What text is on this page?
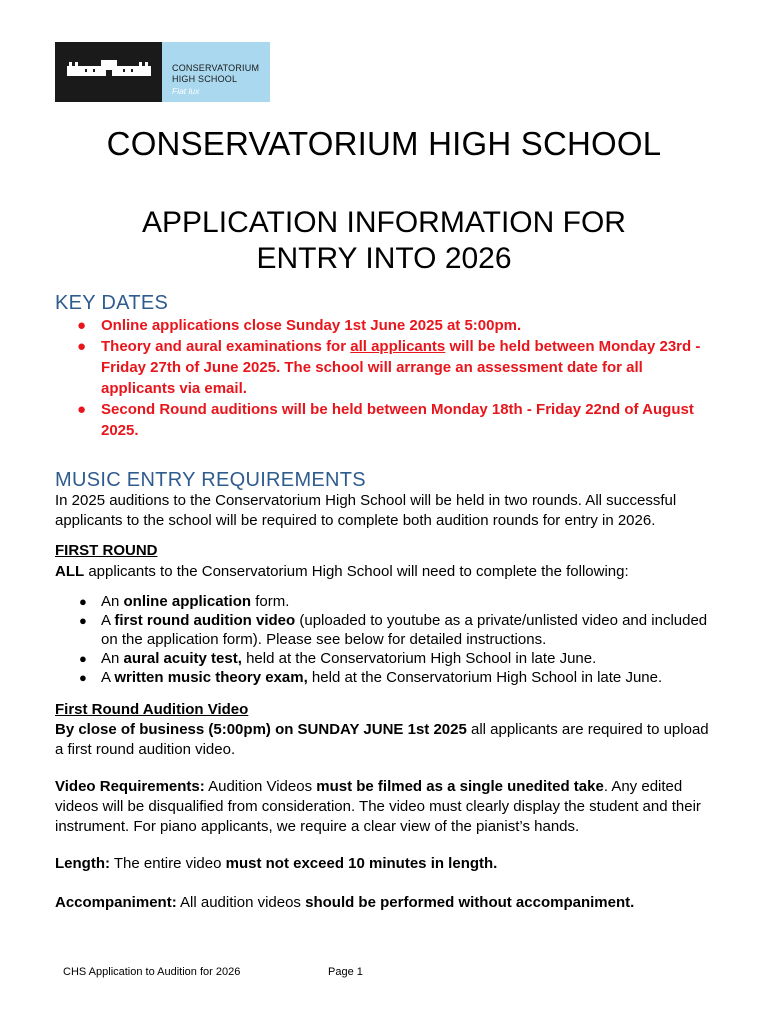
CONSERVATORIUM
HIGH SCHOOL
Fiat lux
CONSERVATORIUM HIGH SCHOOL
APPLICATION INFORMATION FOR
ENTRY INTO 2026
KEY DATES
● Online applications close Sunday 1st June 2025 at 5:00pm.
● Theory and aural examinations for all applicants will be held between Monday 23rd - Friday 27th of June 2025. The school will arrange an assessment date for all applicants via email.
● Second Round auditions will be held between Monday 18th - Friday 22nd of August 2025.
MUSIC ENTRY REQUIREMENTS
In 2025 auditions to the Conservatorium High School will be held in two rounds. All successful applicants to the school will be required to complete both audition rounds for entry in 2026.
FIRST ROUND
ALL applicants to the Conservatorium High School will need to complete the following:
● An online application form.
● A first round audition video (uploaded to youtube as a private/unlisted video and included on the application form). Please see below for detailed instructions.
● An aural acuity test, held at the Conservatorium High School in late June.
● A written music theory exam, held at the Conservatorium High School in late June.
First Round Audition Video
By close of business (5:00pm) on SUNDAY JUNE 1st 2025 all applicants are required to upload a first round audition video.
Video Requirements: Audition Videos must be filmed as a single unedited take. Any edited videos will be disqualified from consideration. The video must clearly display the student and their instrument. For piano applicants, we require a clear view of the pianist’s hands.
Length: The entire video must not exceed 10 minutes in length.
Accompaniment: All audition videos should be performed without accompaniment.
CHS Application to Audition for 2026	Page 1
